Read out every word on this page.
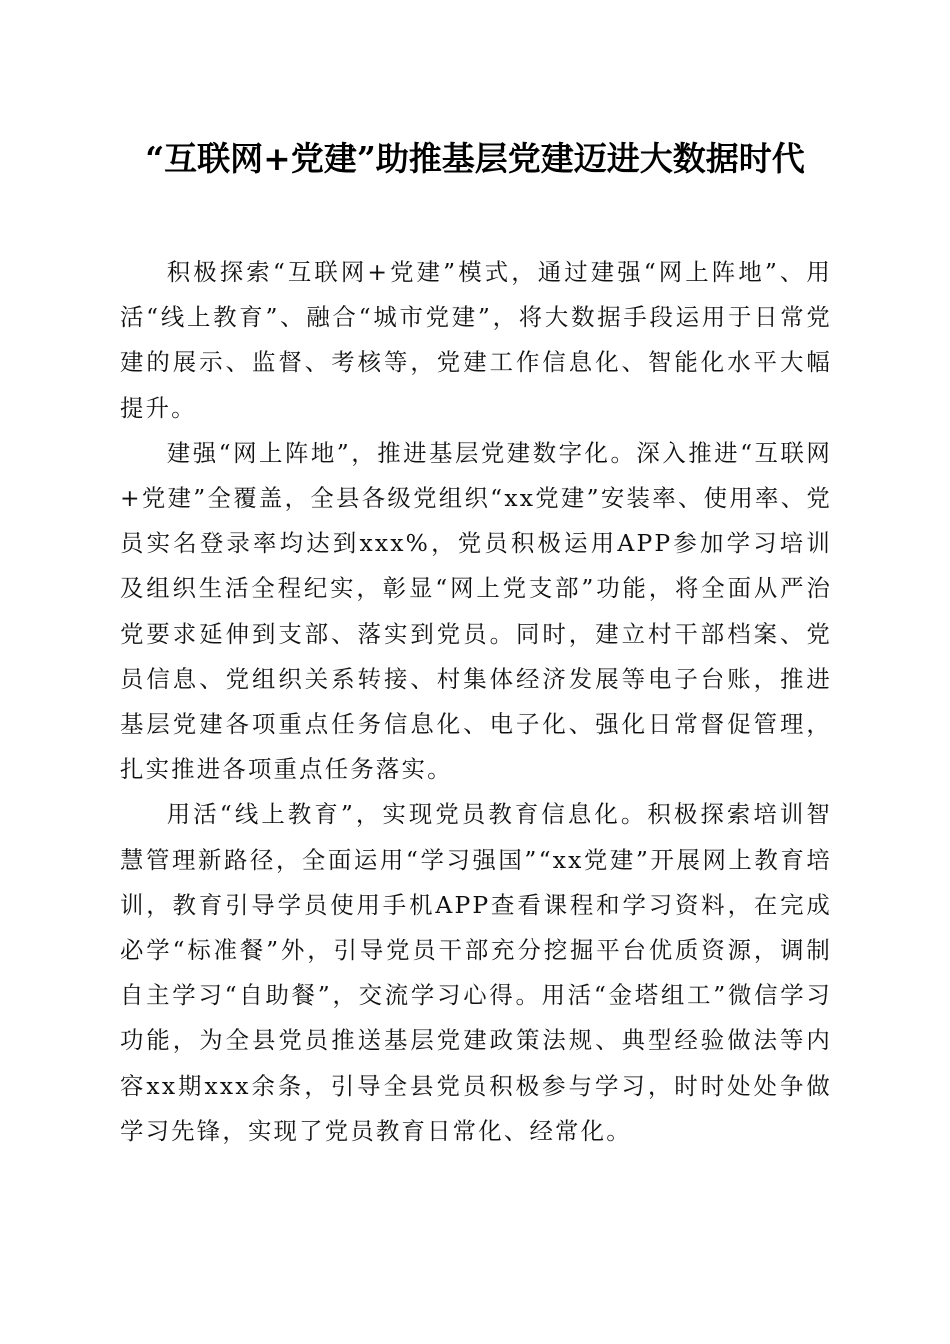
“互联网+党建”助推基层党建迈进大数据时代

积极探索“互联网+党建”模式，通过建强“网上阵地”、用活“线上教育”、融合“城市党建”，将大数据手段运用于日常党建的展示、监督、考核等，党建工作信息化、智能化水平大幅提升。

建强“网上阵地”，推进基层党建数字化。深入推进“互联网+党建”全覆盖，全县各级党组织“xx党建”安装率、使用率、党员实名登录率均达到xxx%，党员积极运用APP参加学习培训及组织生活全程纪实，彰显“网上党支部”功能，将全面从严治党要求延伸到支部、落实到党员。同时，建立村干部档案、党员信息、党组织关系转接、村集体经济发展等电子台账，推进基层党建各项重点任务信息化、电子化、强化日常督促管理，扎实推进各项重点任务落实。

用活“线上教育”，实现党员教育信息化。积极探索培训智慧管理新路径，全面运用“学习强国”“xx党建”开展网上教育培训，教育引导学员使用手机APP查看课程和学习资料，在完成必学“标准餐”外，引导党员干部充分挖掘平台优质资源，调制自主学习“自助餐”，交流学习心得。用活“金塔组工”微信学习功能，为全县党员推送基层党建政策法规、典型经验做法等内容xx期xxx余条，引导全县党员积极参与学习，时时处处争做学习先锋，实现了党员教育日常化、经常化。
